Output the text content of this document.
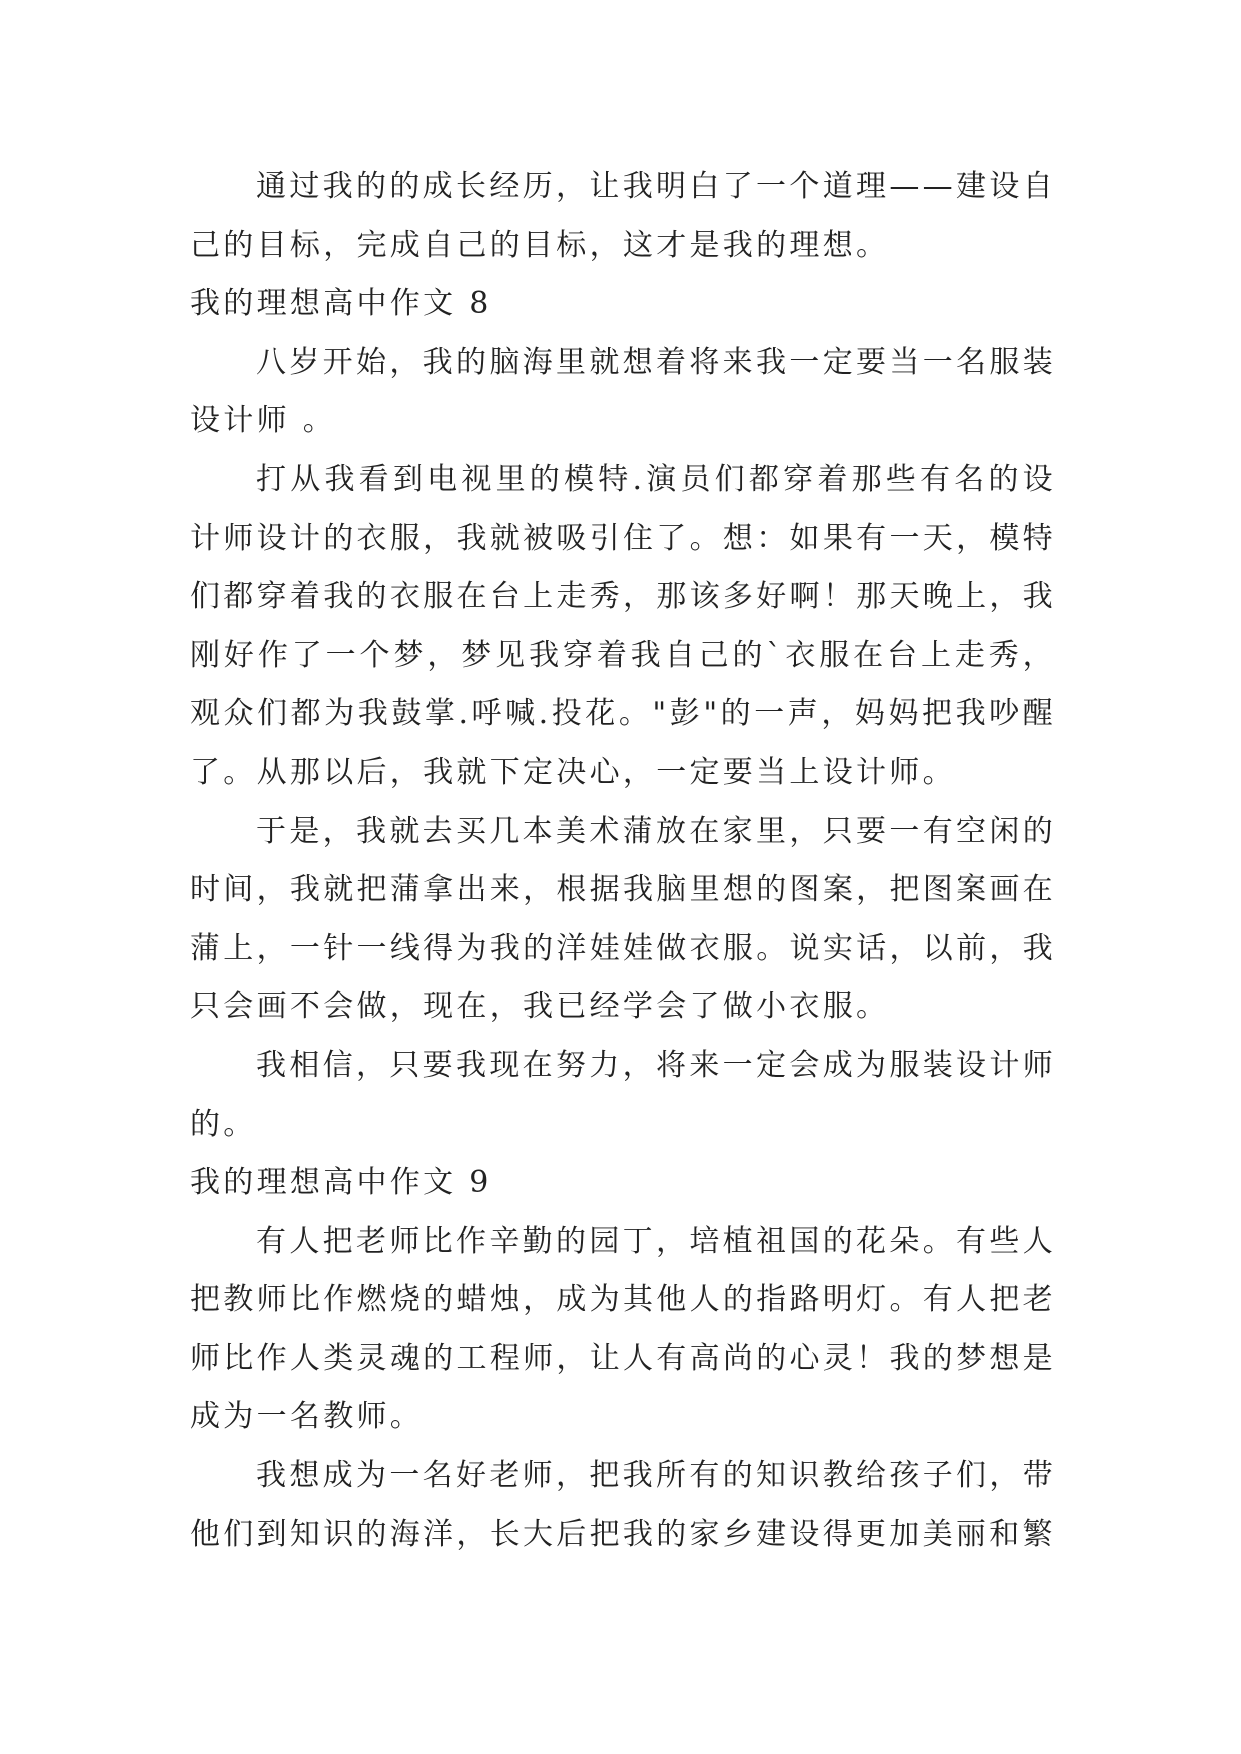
通过我的的成长经历，让我明白了一个道理——建设自己的目标，完成自己的目标，这才是我的理想。

我的理想高中作文 8

八岁开始，我的脑海里就想着将来我一定要当一名服装设计师 。

打从我看到电视里的模特.演员们都穿着那些有名的设计师设计的衣服，我就被吸引住了。想：如果有一天，模特们都穿着我的衣服在台上走秀，那该多好啊！那天晚上，我刚好作了一个梦，梦见我穿着我自己的`衣服在台上走秀，观众们都为我鼓掌.呼喊.投花。"彭"的一声，妈妈把我吵醒了。从那以后，我就下定决心，一定要当上设计师。

于是，我就去买几本美术蒲放在家里，只要一有空闲的时间，我就把蒲拿出来，根据我脑里想的图案，把图案画在蒲上，一针一线得为我的洋娃娃做衣服。说实话，以前，我只会画不会做，现在，我已经学会了做小衣服。

我相信，只要我现在努力，将来一定会成为服装设计师的。

我的理想高中作文 9

有人把老师比作辛勤的园丁，培植祖国的花朵。有些人把教师比作燃烧的蜡烛，成为其他人的指路明灯。有人把老师比作人类灵魂的工程师，让人有高尚的心灵！我的梦想是成为一名教师。

我想成为一名好老师，把我所有的知识教给孩子们，带他们到知识的海洋，长大后把我的家乡建设得更加美丽和繁
